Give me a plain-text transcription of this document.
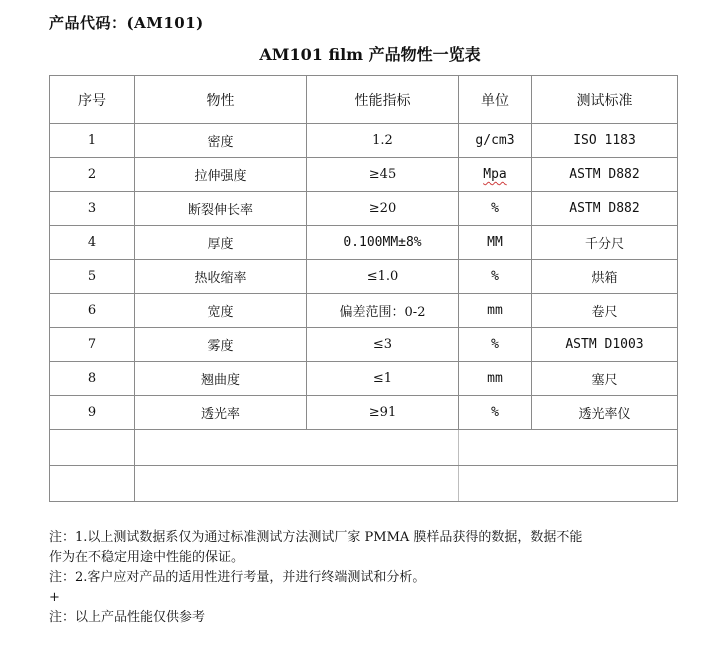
产品代码：(AM101)
AM101 film 产品物性一览表
序号	物性	性能指标	单位	测试标准
1	密度	1.2	g/cm3	ISO 1183
2	拉伸强度	≥45	Mpa	ASTM D882
3	断裂伸长率	≥20	%	ASTM D882
4	厚度	0.100MM±8%	MM	千分尺
5	热收缩率	≤1.0	%	烘箱
6	宽度	偏差范围：0-2	mm	卷尺
7	雾度	≤3	%	ASTM D1003
8	翘曲度	≤1	mm	塞尺
9	透光率	≥91	%	透光率仪

注：1.以上测试数据系仅为通过标准测试方法测试厂家 PMMA 膜样品获得的数据，数据不能
作为在不稳定用途中性能的保证。
注：2.客户应对产品的适用性进行考量，并进行终端测试和分析。
+
注：以上产品性能仅供参考
